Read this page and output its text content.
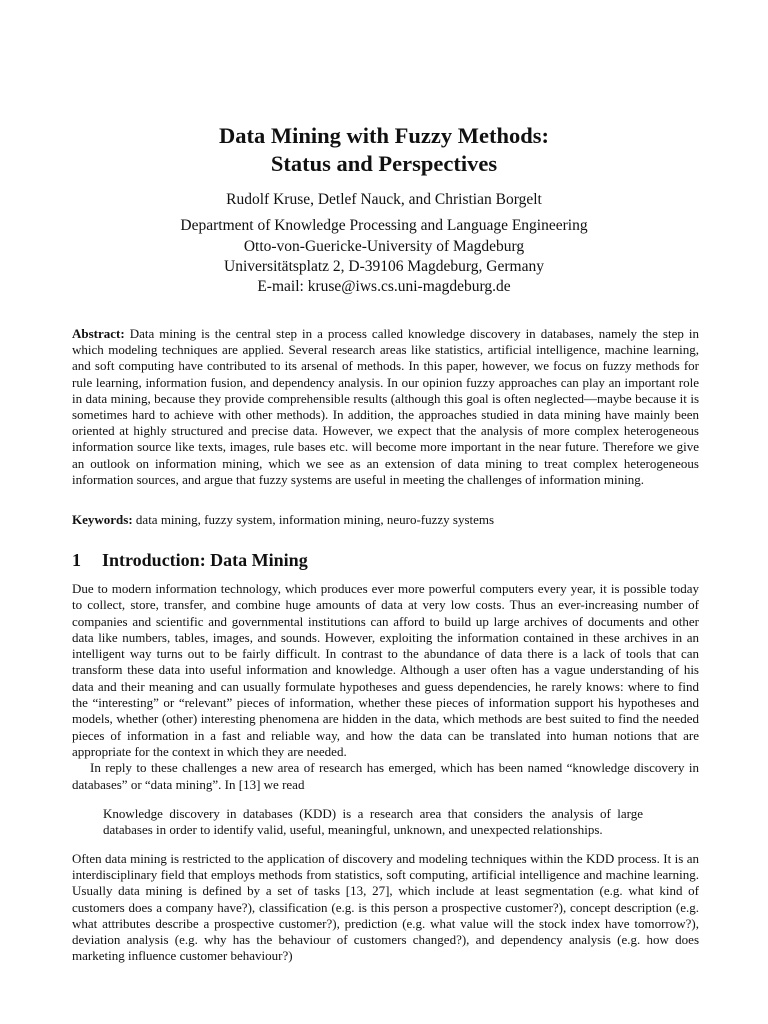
Data Mining with Fuzzy Methods:
Status and Perspectives
Rudolf Kruse, Detlef Nauck, and Christian Borgelt
Department of Knowledge Processing and Language Engineering
Otto-von-Guericke-University of Magdeburg
Universitätsplatz 2, D-39106 Magdeburg, Germany
E-mail: kruse@iws.cs.uni-magdeburg.de

Abstract: Data mining is the central step in a process called knowledge discovery in databases, namely the step in which modeling techniques are applied. Several research areas like statistics, artificial intelligence, machine learning, and soft computing have contributed to its arsenal of methods. In this paper, however, we focus on fuzzy methods for rule learning, information fusion, and dependency analysis. In our opinion fuzzy approaches can play an important role in data mining, because they provide comprehensible results (although this goal is often neglected—maybe because it is sometimes hard to achieve with other methods). In addition, the approaches studied in data mining have mainly been oriented at highly structured and precise data. However, we expect that the analysis of more complex heterogeneous information source like texts, images, rule bases etc. will become more important in the near future. Therefore we give an outlook on information mining, which we see as an extension of data mining to treat complex heterogeneous information sources, and argue that fuzzy systems are useful in meeting the challenges of information mining.

Keywords: data mining, fuzzy system, information mining, neuro-fuzzy systems

1 Introduction: Data Mining

Due to modern information technology, which produces ever more powerful computers every year, it is possible today to collect, store, transfer, and combine huge amounts of data at very low costs. Thus an ever-increasing number of companies and scientific and governmental institutions can afford to build up large archives of documents and other data like numbers, tables, images, and sounds. However, exploiting the information contained in these archives in an intelligent way turns out to be fairly difficult. In contrast to the abundance of data there is a lack of tools that can transform these data into useful information and knowledge. Although a user often has a vague understanding of his data and their meaning and can usually formulate hypotheses and guess dependencies, he rarely knows: where to find the “interesting” or “relevant” pieces of information, whether these pieces of information support his hypotheses and models, whether (other) interesting phenomena are hidden in the data, which methods are best suited to find the needed pieces of information in a fast and reliable way, and how the data can be translated into human notions that are appropriate for the context in which they are needed.

In reply to these challenges a new area of research has emerged, which has been named “knowledge discovery in databases” or “data mining”. In [13] we read

Knowledge discovery in databases (KDD) is a research area that considers the analysis of large databases in order to identify valid, useful, meaningful, unknown, and unexpected relationships.

Often data mining is restricted to the application of discovery and modeling techniques within the KDD process. It is an interdisciplinary field that employs methods from statistics, soft computing, artificial intelligence and machine learning. Usually data mining is defined by a set of tasks [13, 27], which include at least segmentation (e.g. what kind of customers does a company have?), classification (e.g. is this person a prospective customer?), concept description (e.g. what attributes describe a prospective customer?), prediction (e.g. what value will the stock index have tomorrow?), deviation analysis (e.g. why has the behaviour of customers changed?), and dependency analysis (e.g. how does marketing influence customer behaviour?)
